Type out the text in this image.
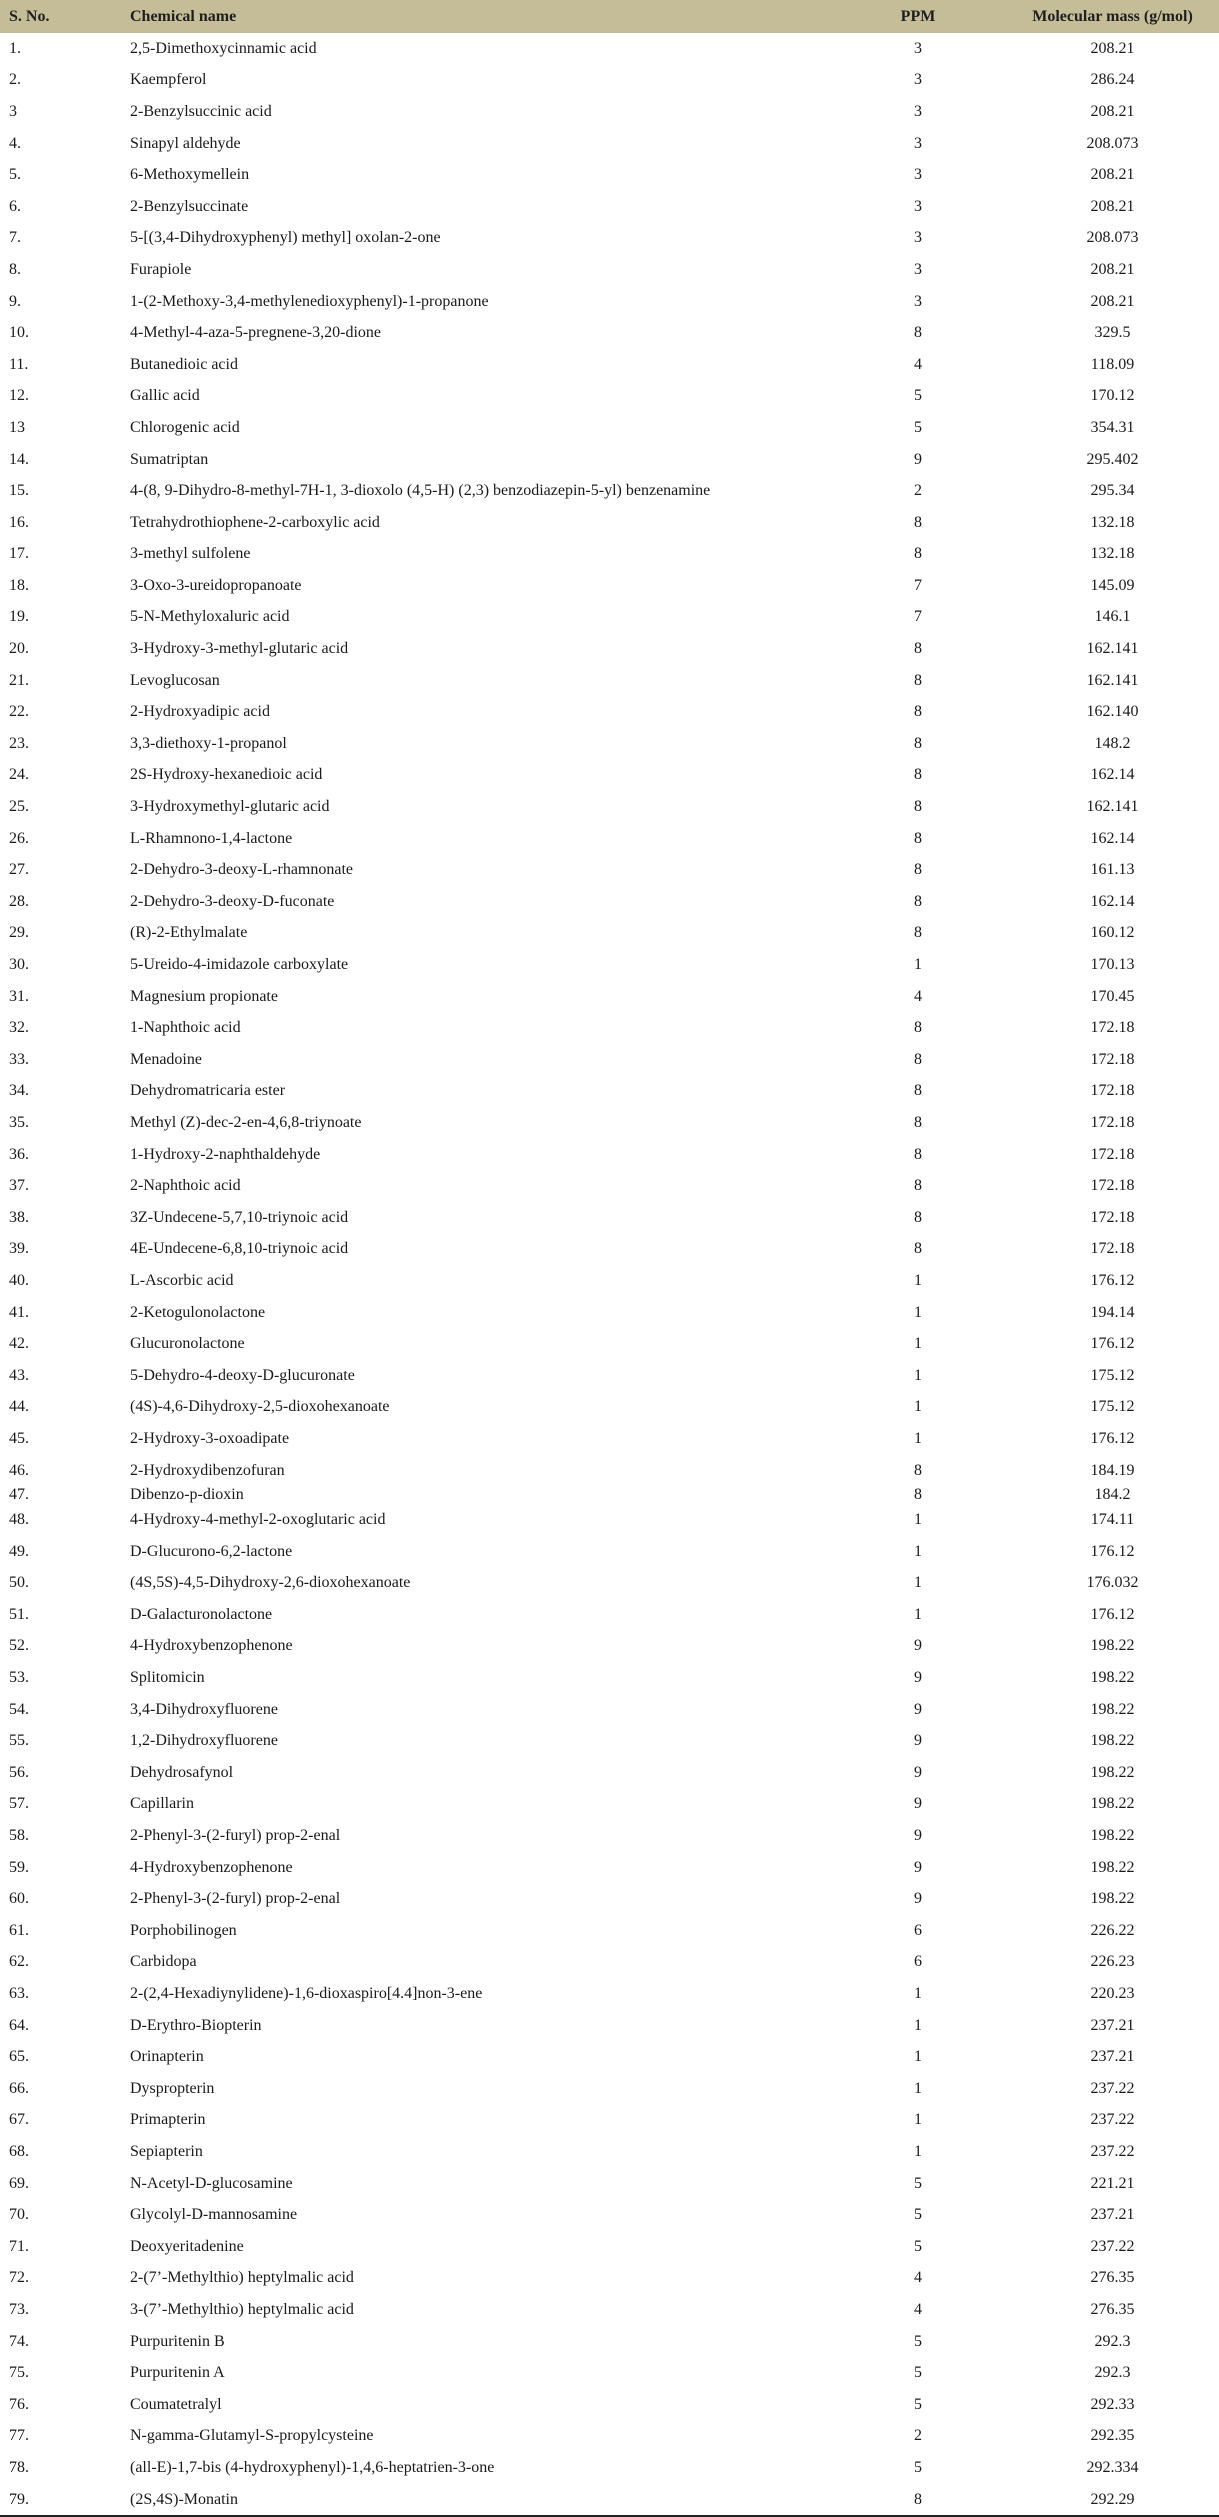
S. No.	Chemical name	PPM	Molecular mass (g/mol)
1.	2,5-Dimethoxycinnamic acid	3	208.21
2.	Kaempferol	3	286.24
3	2-Benzylsuccinic acid	3	208.21
4.	Sinapyl aldehyde	3	208.073
5.	6-Methoxymellein	3	208.21
6.	2-Benzylsuccinate	3	208.21
7.	5-[(3,4-Dihydroxyphenyl) methyl] oxolan-2-one	3	208.073
8.	Furapiole	3	208.21
9.	1-(2-Methoxy-3,4-methylenedioxyphenyl)-1-propanone	3	208.21
10.	4-Methyl-4-aza-5-pregnene-3,20-dione	8	329.5
11.	Butanedioic acid	4	118.09
12.	Gallic acid	5	170.12
13	Chlorogenic acid	5	354.31
14.	Sumatriptan	9	295.402
15.	4-(8, 9-Dihydro-8-methyl-7H-1, 3-dioxolo (4,5-H) (2,3) benzodiazepin-5-yl) benzenamine	2	295.34
16.	Tetrahydrothiophene-2-carboxylic acid	8	132.18
17.	3-methyl sulfolene	8	132.18
18.	3-Oxo-3-ureidopropanoate	7	145.09
19.	5-N-Methyloxaluric acid	7	146.1
20.	3-Hydroxy-3-methyl-glutaric acid	8	162.141
21.	Levoglucosan	8	162.141
22.	2-Hydroxyadipic acid	8	162.140
23.	3,3-diethoxy-1-propanol	8	148.2
24.	2S-Hydroxy-hexanedioic acid	8	162.14
25.	3-Hydroxymethyl-glutaric acid	8	162.141
26.	L-Rhamnono-1,4-lactone	8	162.14
27.	2-Dehydro-3-deoxy-L-rhamnonate	8	161.13
28.	2-Dehydro-3-deoxy-D-fuconate	8	162.14
29.	(R)-2-Ethylmalate	8	160.12
30.	5-Ureido-4-imidazole carboxylate	1	170.13
31.	Magnesium propionate	4	170.45
32.	1-Naphthoic acid	8	172.18
33.	Menadoine	8	172.18
34.	Dehydromatricaria ester	8	172.18
35.	Methyl (Z)-dec-2-en-4,6,8-triynoate	8	172.18
36.	1-Hydroxy-2-naphthaldehyde	8	172.18
37.	2-Naphthoic acid	8	172.18
38.	3Z-Undecene-5,7,10-triynoic acid	8	172.18
39.	4E-Undecene-6,8,10-triynoic acid	8	172.18
40.	L-Ascorbic acid	1	176.12
41.	2-Ketogulonolactone	1	194.14
42.	Glucuronolactone	1	176.12
43.	5-Dehydro-4-deoxy-D-glucuronate	1	175.12
44.	(4S)-4,6-Dihydroxy-2,5-dioxohexanoate	1	175.12
45.	2-Hydroxy-3-oxoadipate	1	176.12
46.	2-Hydroxydibenzofuran	8	184.19
47.	Dibenzo-p-dioxin	8	184.2
48.	4-Hydroxy-4-methyl-2-oxoglutaric acid	1	174.11
49.	D-Glucurono-6,2-lactone	1	176.12
50.	(4S,5S)-4,5-Dihydroxy-2,6-dioxohexanoate	1	176.032
51.	D-Galacturonolactone	1	176.12
52.	4-Hydroxybenzophenone	9	198.22
53.	Splitomicin	9	198.22
54.	3,4-Dihydroxyfluorene	9	198.22
55.	1,2-Dihydroxyfluorene	9	198.22
56.	Dehydrosafynol	9	198.22
57.	Capillarin	9	198.22
58.	2-Phenyl-3-(2-furyl) prop-2-enal	9	198.22
59.	4-Hydroxybenzophenone	9	198.22
60.	2-Phenyl-3-(2-furyl) prop-2-enal	9	198.22
61.	Porphobilinogen	6	226.22
62.	Carbidopa	6	226.23
63.	2-(2,4-Hexadiynylidene)-1,6-dioxaspiro[4.4]non-3-ene	1	220.23
64.	D-Erythro-Biopterin	1	237.21
65.	Orinapterin	1	237.21
66.	Dyspropterin	1	237.22
67.	Primapterin	1	237.22
68.	Sepiapterin	1	237.22
69.	N-Acetyl-D-glucosamine	5	221.21
70.	Glycolyl-D-mannosamine	5	237.21
71.	Deoxyeritadenine	5	237.22
72.	2-(7’-Methylthio) heptylmalic acid	4	276.35
73.	3-(7’-Methylthio) heptylmalic acid	4	276.35
74.	Purpuritenin B	5	292.3
75.	Purpuritenin A	5	292.3
76.	Coumatetralyl	5	292.33
77.	N-gamma-Glutamyl-S-propylcysteine	2	292.35
78.	(all-E)-1,7-bis (4-hydroxyphenyl)-1,4,6-heptatrien-3-one	5	292.334
79.	(2S,4S)-Monatin	8	292.29
